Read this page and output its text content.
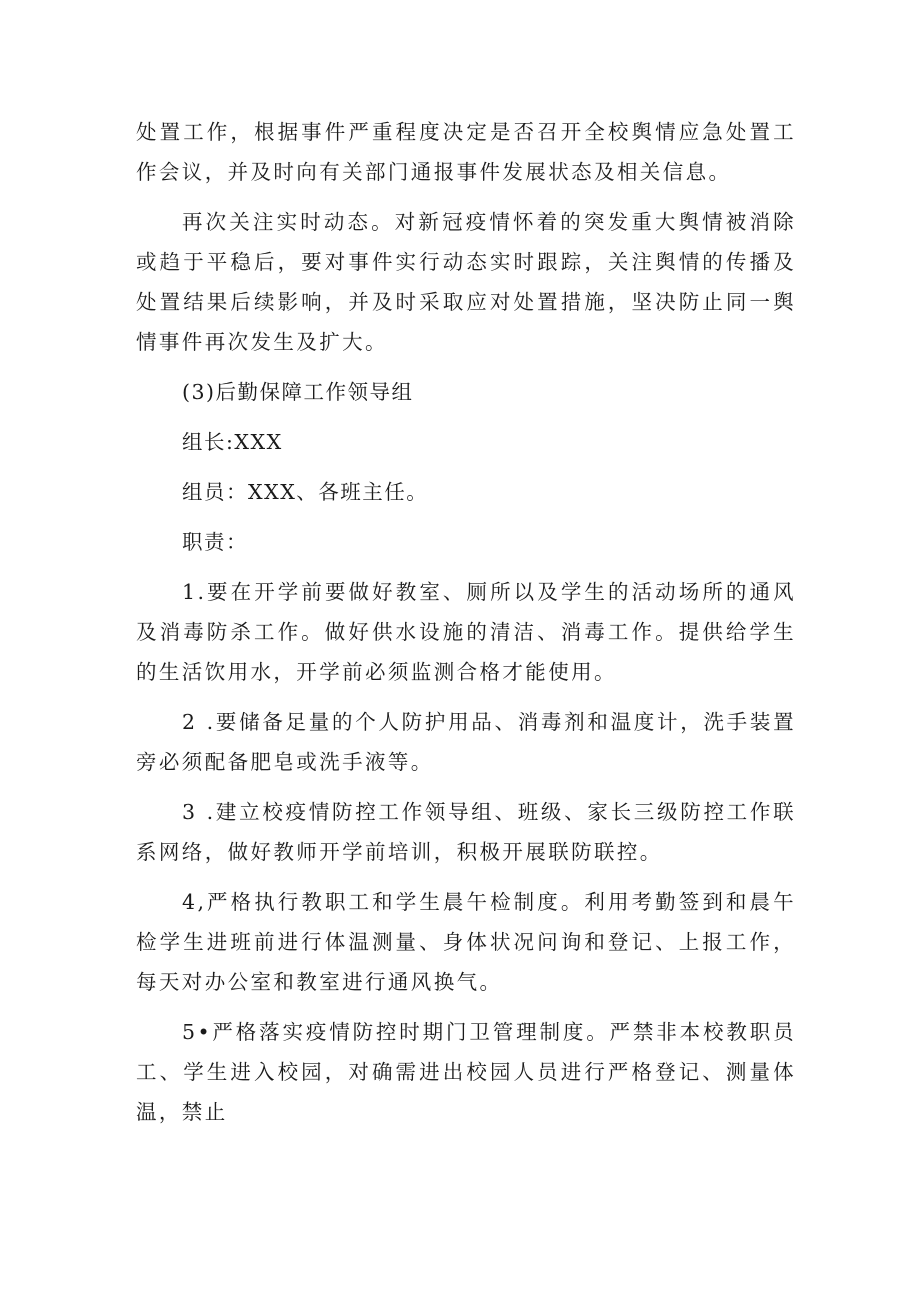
处置工作，根据事件严重程度决定是否召开全校舆情应急处置工作会议，并及时向有关部门通报事件发展状态及相关信息。

再次关注实时动态。对新冠疫情怀着的突发重大舆情被消除或趋于平稳后，要对事件实行动态实时跟踪，关注舆情的传播及处置结果后续影响，并及时采取应对处置措施，坚决防止同一舆情事件再次发生及扩大。

(3)后勤保障工作领导组

组长:XXX

组员：XXX、各班主任。

职责：

1.要在开学前要做好教室、厕所以及学生的活动场所的通风及消毒防杀工作。做好供水设施的清洁、消毒工作。提供给学生的生活饮用水，开学前必须监测合格才能使用。

2 .要储备足量的个人防护用品、消毒剂和温度计，洗手装置旁必须配备肥皂或洗手液等。

3 .建立校疫情防控工作领导组、班级、家长三级防控工作联系网络，做好教师开学前培训，积极开展联防联控。

4,严格执行教职工和学生晨午检制度。利用考勤签到和晨午检学生进班前进行体温测量、身体状况问询和登记、上报工作，每天对办公室和教室进行通风换气。

5•严格落实疫情防控时期门卫管理制度。严禁非本校教职员工、学生进入校园，对确需进出校园人员进行严格登记、测量体温，禁止
